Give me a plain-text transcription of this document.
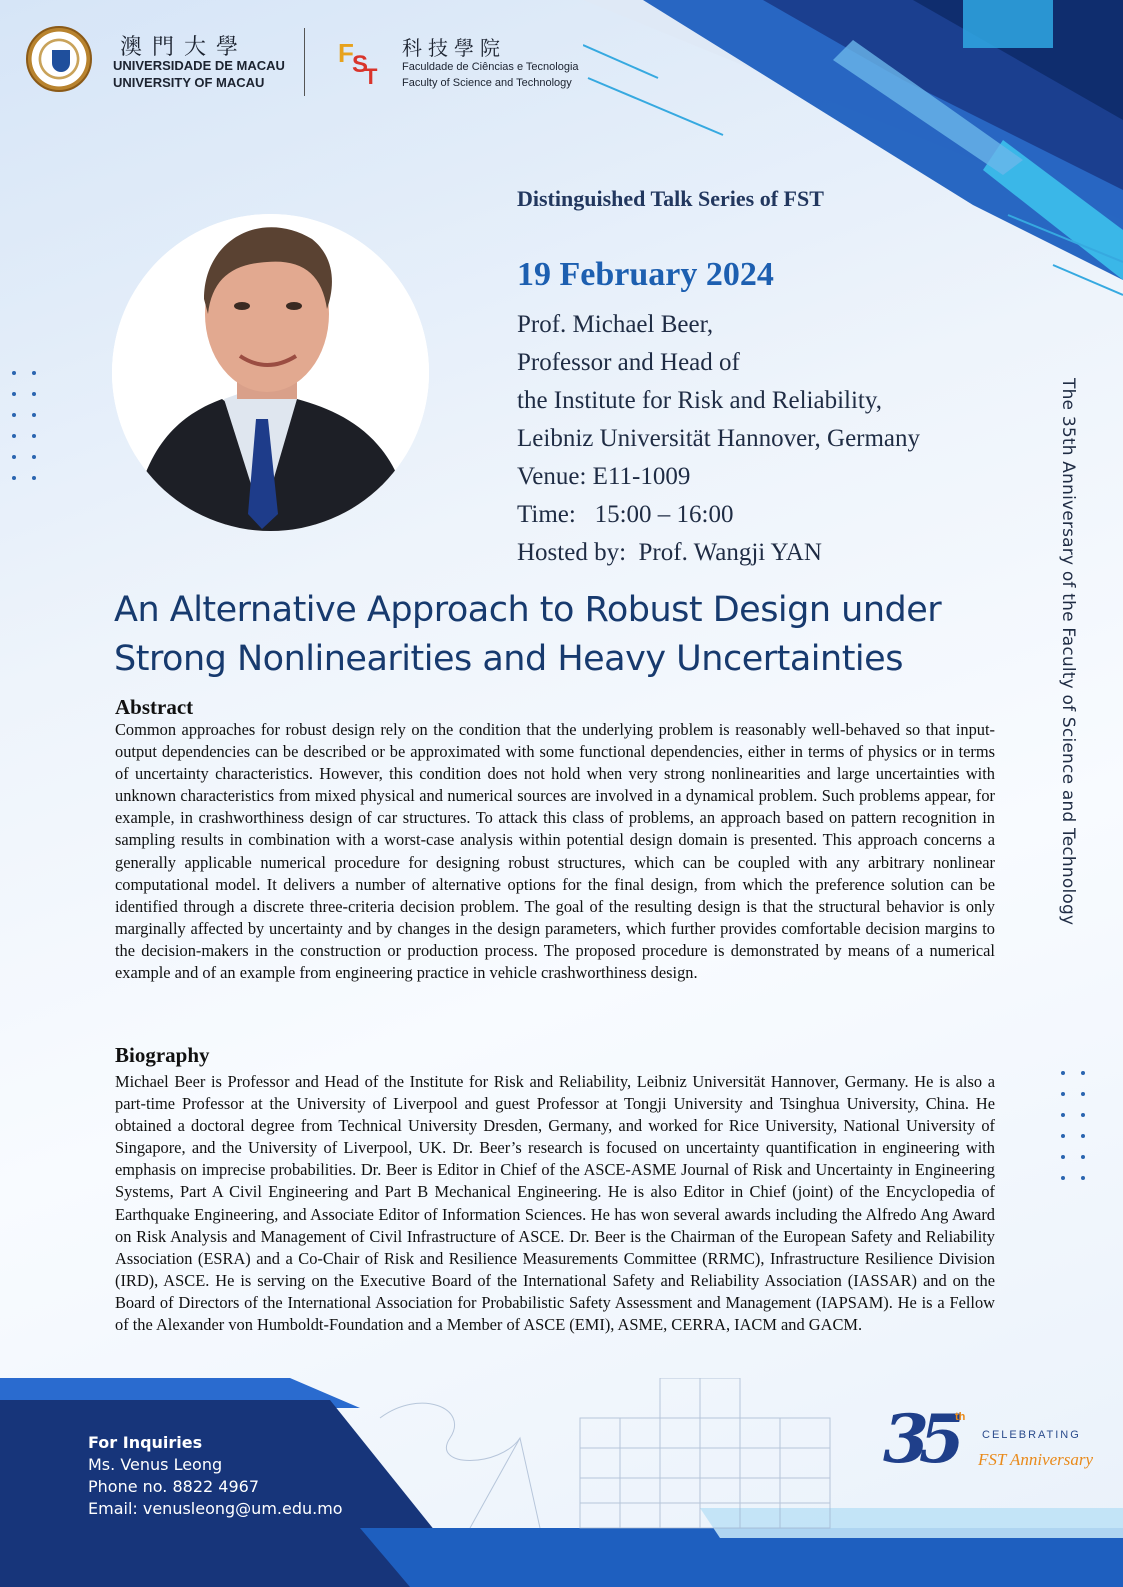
澳門大學
UNIVERSIDADE DE MACAU
UNIVERSITY OF MACAU
F
S
T
科技學院
Faculdade de Ciências e Tecnologia
Faculty of Science and Technology
Distinguished Talk Series of FST
19 February 2024
Prof. Michael Beer,
Professor and Head of
the Institute for Risk and Reliability,
Leibniz Universität Hannover, Germany
Venue: E11-1009
Time:   15:00 – 16:00
Hosted by:  Prof. Wangji YAN	The 35th Anniversary of the Faculty of Science and Technology
An Alternative Approach to Robust Design under
Strong Nonlinearities and Heavy Uncertainties
Abstract
Common approaches for robust design rely on the condition that the underlying problem is reasonably well-behaved so that input-output dependencies can be described or be approximated with some functional dependencies, either in terms of physics or in terms of uncertainty characteristics. However, this condition does not hold when very strong nonlinearities and large uncertainties with unknown characteristics from mixed physical and numerical sources are involved in a dynamical problem. Such problems appear, for example, in crashworthiness design of car structures. To attack this class of problems, an approach based on pattern recognition in sampling results in combination with a worst-case analysis within potential design domain is presented. This approach concerns a generally applicable numerical procedure for designing robust structures, which can be coupled with any arbitrary nonlinear computational model. It delivers a number of alternative options for the final design, from which the preference solution can be identified through a discrete three-criteria decision problem. The goal of the resulting design is that the structural behavior is only marginally affected by uncertainty and by changes in the design parameters, which further provides comfortable decision margins to the decision-makers in the construction or production process. The proposed procedure is demonstrated by means of a numerical example and of an example from engineering practice in vehicle crashworthiness design.
Biography
Michael Beer is Professor and Head of the Institute for Risk and Reliability, Leibniz Universität Hannover, Germany. He is also a part-time Professor at the University of Liverpool and guest Professor at Tongji University and Tsinghua University, China. He obtained a doctoral degree from Technical University Dresden, Germany, and worked for Rice University, National University of Singapore, and the University of Liverpool, UK. Dr. Beer’s research is focused on uncertainty quantification in engineering with emphasis on imprecise probabilities. Dr. Beer is Editor in Chief of the ASCE-ASME Journal of Risk and Uncertainty in Engineering Systems, Part A Civil Engineering and Part B Mechanical Engineering. He is also Editor in Chief (joint) of the Encyclopedia of Earthquake Engineering, and Associate Editor of Information Sciences. He has won several awards including the Alfredo Ang Award on Risk Analysis and Management of Civil Infrastructure of ASCE. Dr. Beer is the Chairman of the European Safety and Reliability Association (ESRA) and a Co-Chair of Risk and Resilience Measurements Committee (RRMC), Infrastructure Resilience Division (IRD), ASCE. He is serving on the Executive Board of the International Safety and Reliability Association (IASSAR) and on the Board of Directors of the International Association for Probabilistic Safety Assessment and Management (IAPSAM). He is a Fellow of the Alexander von Humboldt-Foundation and a Member of ASCE (EMI), ASME, CERRA, IACM and GACM.
For Inquiries
Ms. Venus Leong
Phone no. 8822 4967
Email: venusleong@um.edu.mo
35 th
CELEBRATING
FST Anniversary
